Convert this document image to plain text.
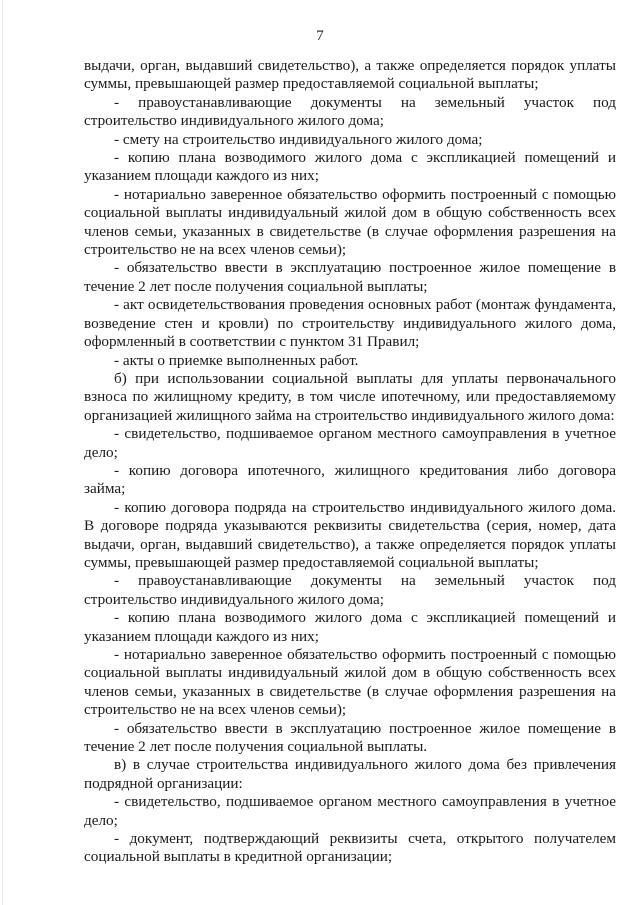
7

выдачи, орган, выдавший свидетельство), а также определяется порядок уплаты суммы, превышающей размер предоставляемой социальной выплаты;

- правоустанавливающие документы на земельный участок под строительство индивидуального жилого дома;

- смету на строительство индивидуального жилого дома;

- копию плана возводимого жилого дома с экспликацией помещений и указанием площади каждого из них;

- нотариально заверенное обязательство оформить построенный с помощью социальной выплаты индивидуальный жилой дом в общую собственность всех членов семьи, указанных в свидетельстве (в случае оформления разрешения на строительство не на всех членов семьи);

- обязательство ввести в эксплуатацию построенное жилое помещение в течение 2 лет после получения социальной выплаты;

- акт освидетельствования проведения основных работ (монтаж фундамента, возведение стен и кровли) по строительству индивидуального жилого дома, оформленный в соответствии с пунктом 31 Правил;

- акты о приемке выполненных работ.

б) при использовании социальной выплаты для уплаты первоначального взноса по жилищному кредиту, в том числе ипотечному, или предоставляемому организацией жилищного займа на строительство индивидуального жилого дома:

- свидетельство, подшиваемое органом местного самоуправления в учетное дело;

- копию договора ипотечного, жилищного кредитования либо договора займа;

- копию договора подряда на строительство индивидуального жилого дома. В договоре подряда указываются реквизиты свидетельства (серия, номер, дата выдачи, орган, выдавший свидетельство), а также определяется порядок уплаты суммы, превышающей размер предоставляемой социальной выплаты;

- правоустанавливающие документы на земельный участок под строительство индивидуального жилого дома;

- копию плана возводимого жилого дома с экспликацией помещений и указанием площади каждого из них;

- нотариально заверенное обязательство оформить построенный с помощью социальной выплаты индивидуальный жилой дом в общую собственность всех членов семьи, указанных в свидетельстве (в случае оформления разрешения на строительство не на всех членов семьи);

- обязательство ввести в эксплуатацию построенное жилое помещение в течение 2 лет после получения социальной выплаты.

в) в случае строительства индивидуального жилого дома без привлечения подрядной организации:

- свидетельство, подшиваемое органом местного самоуправления в учетное дело;

- документ, подтверждающий реквизиты счета, открытого получателем социальной выплаты в кредитной организации;
